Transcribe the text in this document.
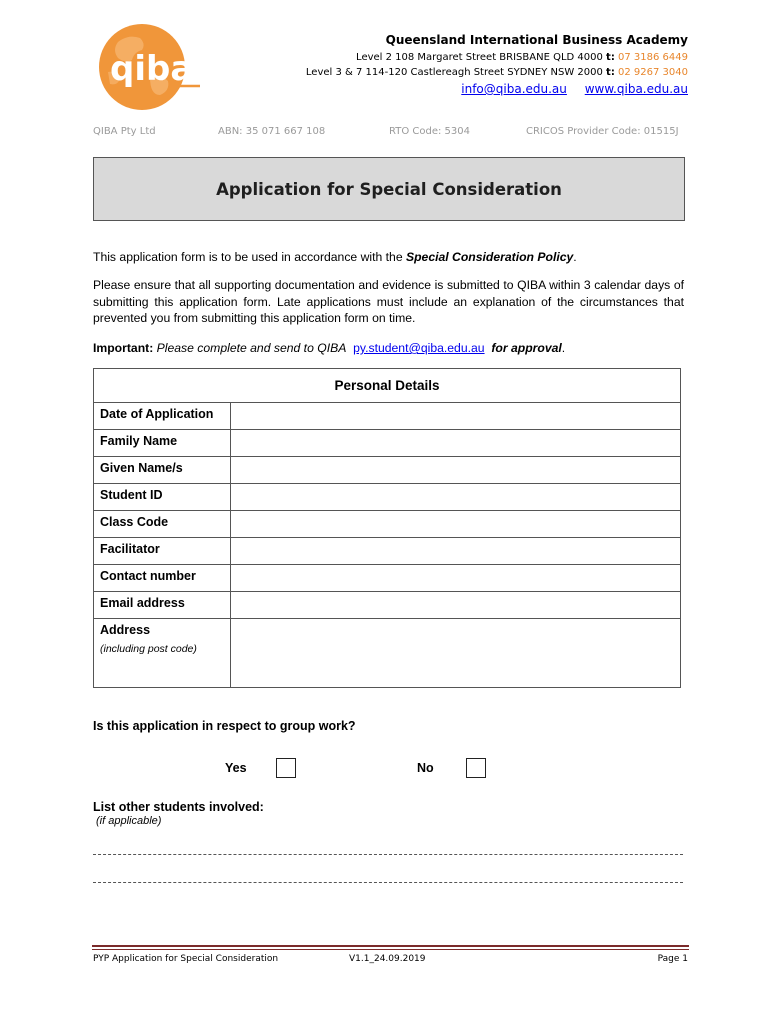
qiba
Queensland International Business Academy
Level 2 108 Margaret Street BRISBANE QLD 4000 t: 07 3186 6449
Level 3 & 7 114-120 Castlereagh Street SYDNEY NSW 2000 t: 02 9267 3040
info@qiba.edu.au www.qiba.edu.au
QIBA Pty Ltd	ABN: 35 071 667 108	RTO Code: 5304	CRICOS Provider Code: 01515J
Application for Special Consideration
This application form is to be used in accordance with the Special Consideration Policy.
Please ensure that all supporting documentation and evidence is submitted to QIBA within 3 calendar days of submitting this application form. Late applications must include an explanation of the circumstances that prevented you from submitting this application form on time.
Important: Please complete and send to QIBA py.student@qiba.edu.au for approval.
Personal Details
Date of Application
Family Name
Given Name/s
Student ID
Class Code
Facilitator
Contact number
Email address
Address
(including post code)
Is this application in respect to group work?
Yes	No
List other students involved:
(if applicable)
PYP Application for Special Consideration	V1.1_24.09.2019	Page 1
